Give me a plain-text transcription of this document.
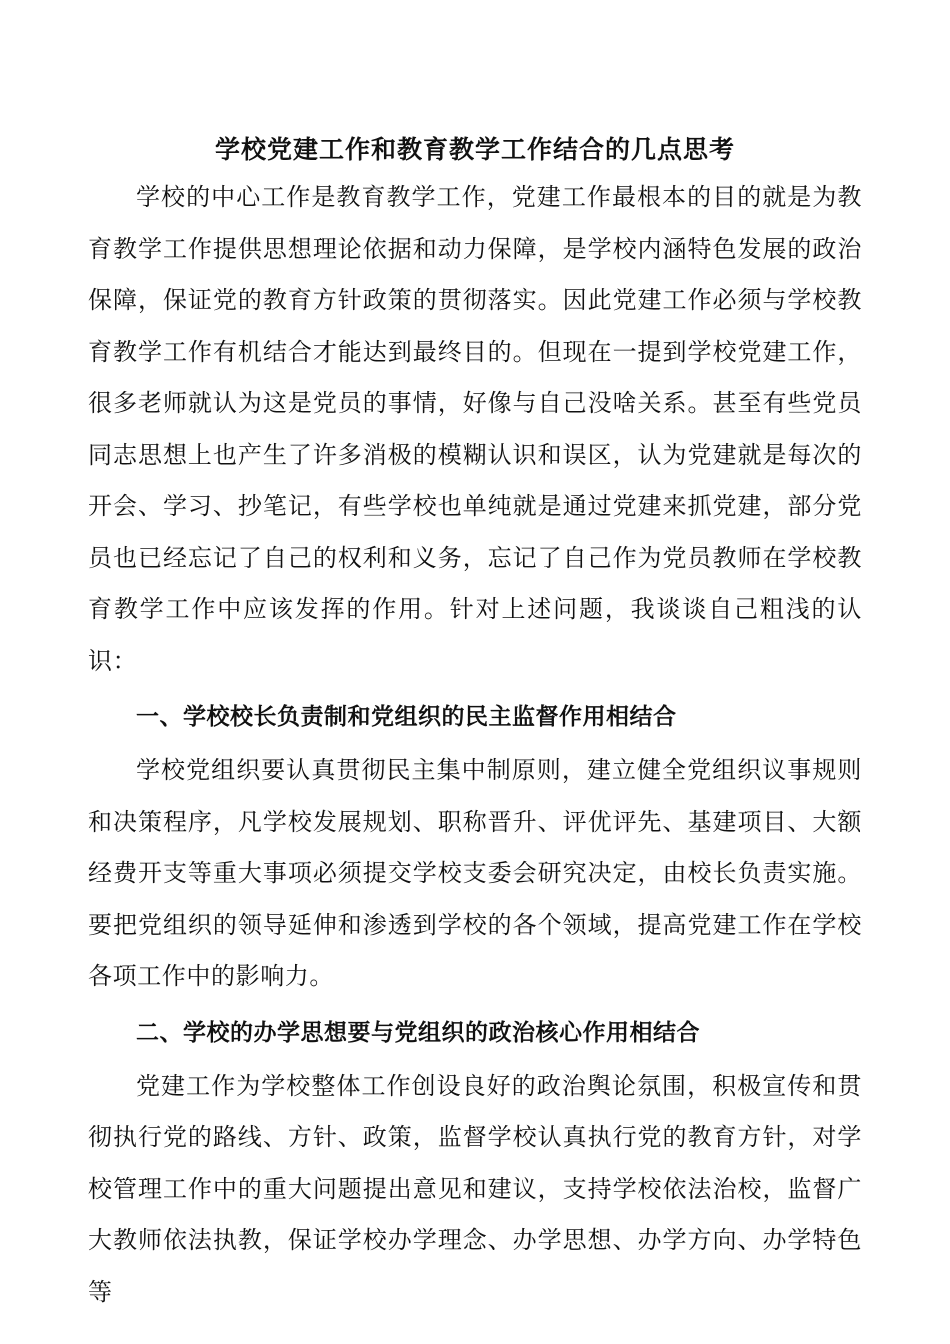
学校党建工作和教育教学工作结合的几点思考

学校的中心工作是教育教学工作，党建工作最根本的目的就是为教育教学工作提供思想理论依据和动力保障，是学校内涵特色发展的政治保障，保证党的教育方针政策的贯彻落实。因此党建工作必须与学校教育教学工作有机结合才能达到最终目的。但现在一提到学校党建工作，很多老师就认为这是党员的事情，好像与自己没啥关系。甚至有些党员同志思想上也产生了许多消极的模糊认识和误区，认为党建就是每次的开会、学习、抄笔记，有些学校也单纯就是通过党建来抓党建，部分党员也已经忘记了自己的权利和义务，忘记了自己作为党员教师在学校教育教学工作中应该发挥的作用。针对上述问题，我谈谈自己粗浅的认识：

一、学校校长负责制和党组织的民主监督作用相结合

学校党组织要认真贯彻民主集中制原则，建立健全党组织议事规则和决策程序，凡学校发展规划、职称晋升、评优评先、基建项目、大额经费开支等重大事项必须提交学校支委会研究决定，由校长负责实施。要把党组织的领导延伸和渗透到学校的各个领域，提高党建工作在学校各项工作中的影响力。

二、学校的办学思想要与党组织的政治核心作用相结合

党建工作为学校整体工作创设良好的政治舆论氛围，积极宣传和贯彻执行党的路线、方针、政策，监督学校认真执行党的教育方针，对学校管理工作中的重大问题提出意见和建议，支持学校依法治校，监督广大教师依法执教，保证学校办学理念、办学思想、办学方向、办学特色等
